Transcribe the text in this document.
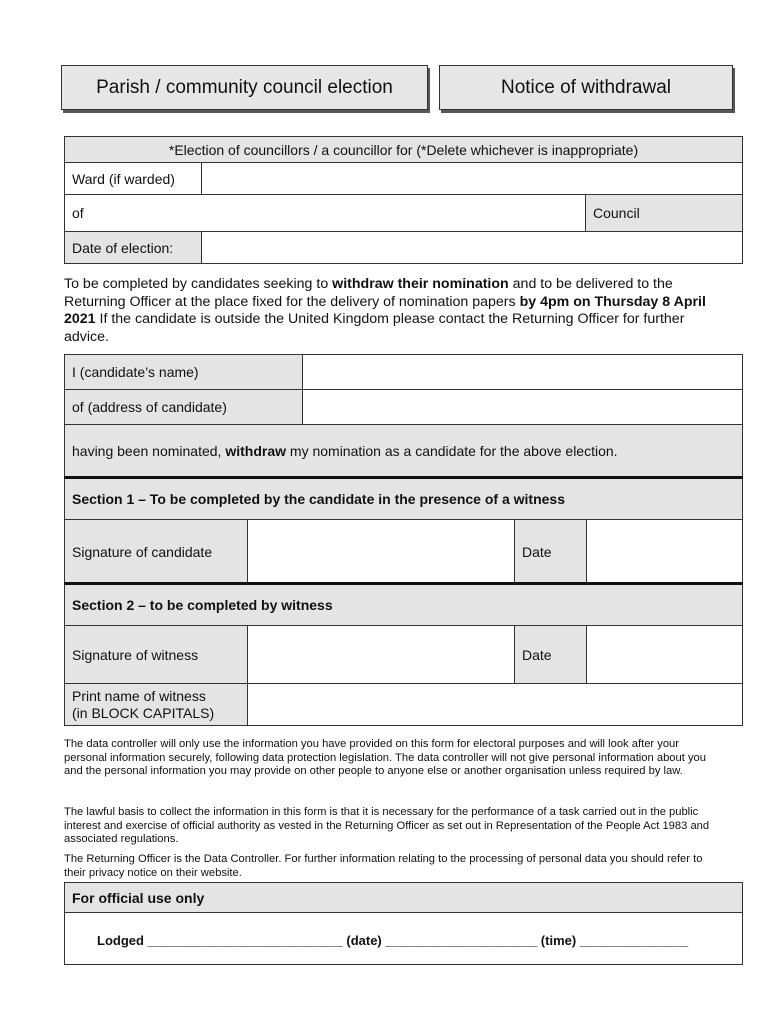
Parish / community council election	Notice of withdrawal
*Election of councillors / a councillor for (*Delete whichever is inappropriate)		
Ward (if warded)		
of		Council
Date of election:		
To be completed by candidates seeking to withdraw their nomination and to be delivered to the Returning Officer at the place fixed for the delivery of nomination papers by 4pm on Thursday 8 April 2021 If the candidate is outside the United Kingdom please contact the Returning Officer for further advice.
I (candidate’s name)	
of (address of candidate)	
having been nominated, withdraw my nomination as a candidate for the above election.	
Section 1 – To be completed by the candidate in the presence of a witness
Signature of candidate		Date	
Section 2 – to be completed by witness			
Signature of witness		Date	

Print name of witness
(in BLOCK CAPITALS)			

The data controller will only use the information you have provided on this form for electoral purposes and will look after your personal information securely, following data protection legislation. The data controller will not give personal information about you and the personal information you may provide on other people to anyone else or another organisation unless required by law.

The lawful basis to collect the information in this form is that it is necessary for the performance of a task carried out in the public interest and exercise of official authority as vested in the Returning Officer as set out in Representation of the People Act 1983 and associated regulations.

The Returning Officer is the Data Controller. For further information relating to the processing of personal data you should refer to their privacy notice on their website.

For official use only
Lodged ___________________________ (date) _____________________ (time) _______________
